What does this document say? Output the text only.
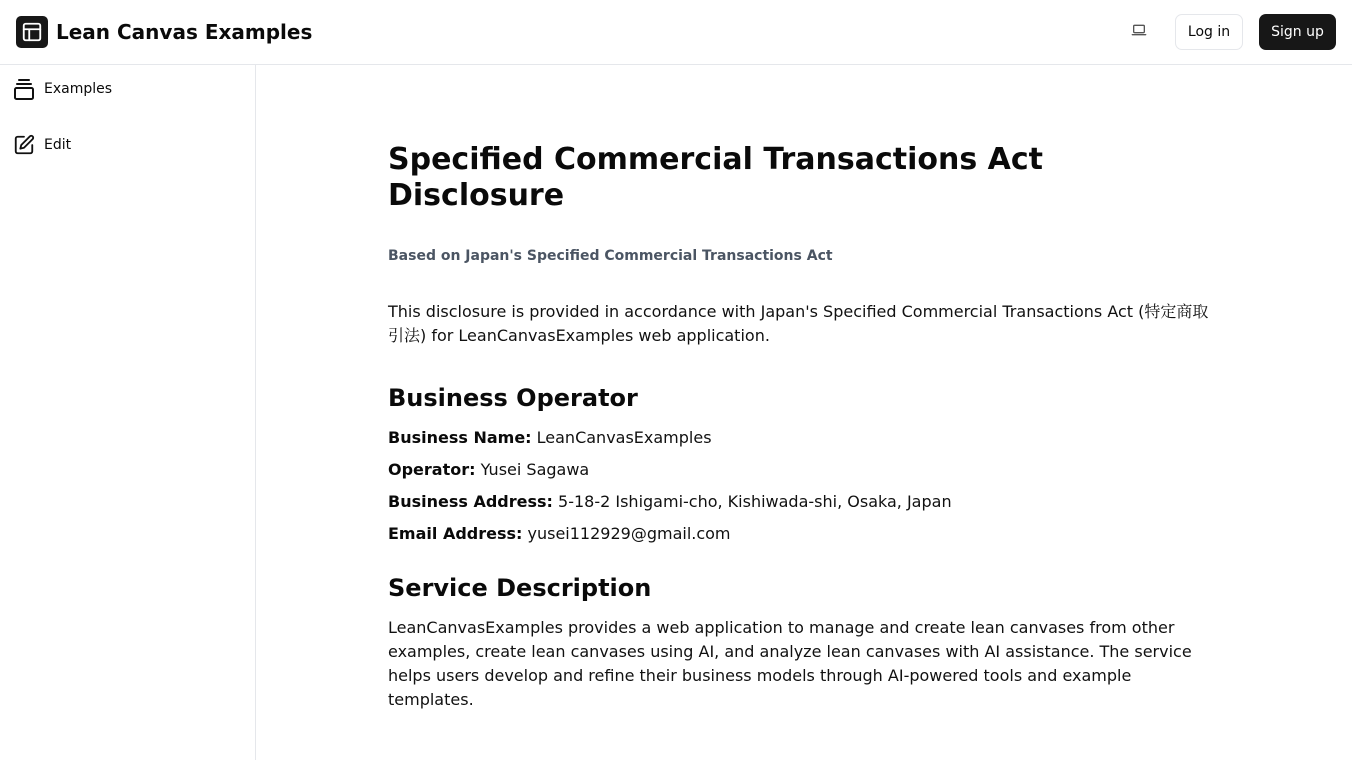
Lean Canvas Examples	Log in	Sign up
Examples
Edit	Specified Commercial Transactions Act Disclosure

Based on Japan's Specified Commercial Transactions Act

This disclosure is provided in accordance with Japan's Specified Commercial Transactions Act (特定商取引法) for LeanCanvasExamples web application.

Business Operator
Business Name: LeanCanvasExamples
Operator: Yusei Sagawa
Business Address: 5-18-2 Ishigami-cho, Kishiwada-shi, Osaka, Japan
Email Address: yusei112929@gmail.com
Service Description

LeanCanvasExamples provides a web application to manage and create lean canvases from other examples, create lean canvases using AI, and analyze lean canvases with AI assistance. The service helps users develop and refine their business models through AI-powered tools and example templates.
